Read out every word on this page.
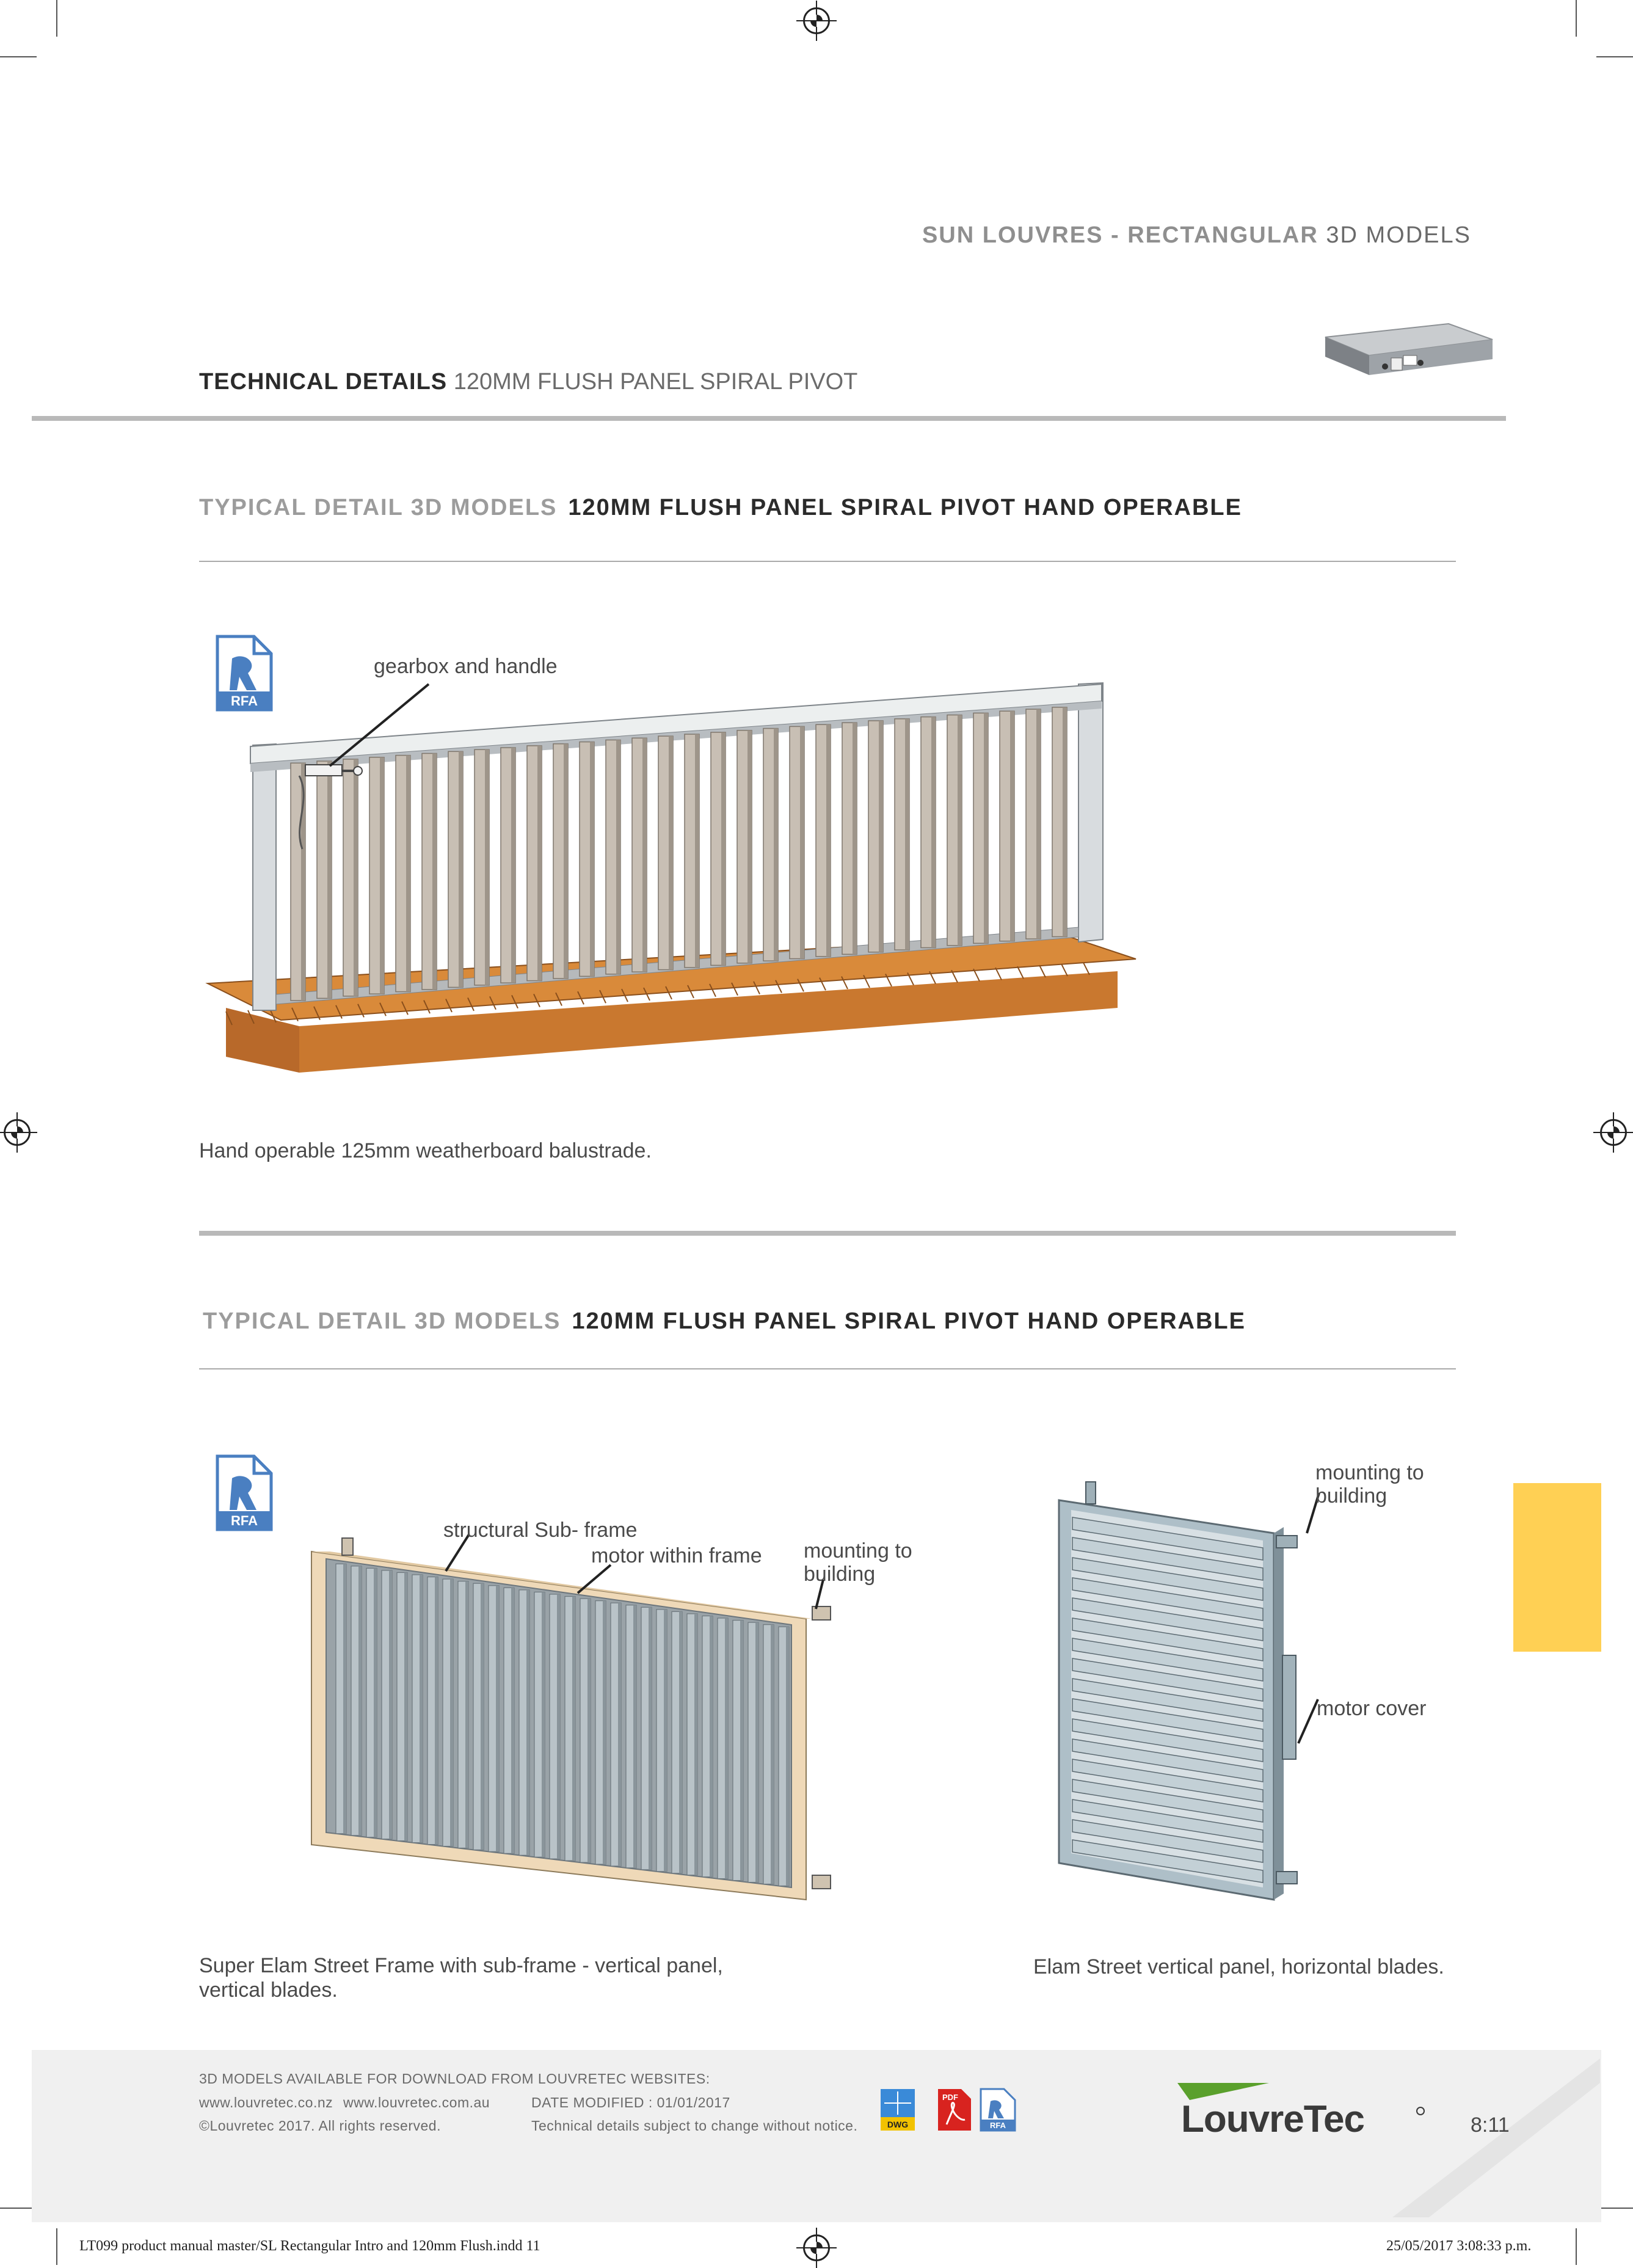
SUN LOUVRES - RECTANGULAR 3D MODELS
TECHNICAL DETAILS 120MM FLUSH PANEL SPIRAL PIVOT
TYPICAL DETAIL 3D MODELS 120MM FLUSH PANEL SPIRAL PIVOT HAND OPERABLE
RFA
gearbox and handle
Hand operable 125mm weatherboard balustrade.
TYPICAL DETAIL 3D MODELS 120MM FLUSH PANEL SPIRAL PIVOT HAND OPERABLE
RFA	structural Sub- frame
motor within frame mounting to
building
Super Elam Street Frame with sub-frame - vertical panel,
vertical blades.
mounting to
building
motor cover
Elam Street vertical panel, horizontal blades.
3D MODELS AVAILABLE FOR DOWNLOAD FROM LOUVRETEC WEBSITES:
www.louvretec.co.nz www.louvretec.com.au	DATE MODIFIED : 01/01/2017
©Louvretec 2017. All rights reserved.	Technical details subject to change without notice.	DWG
PDF
RFA	LouvreTec	8:11
LT099 product manual master/SL Rectangular Intro and 120mm Flush.indd 11	25/05/2017 3:08:33 p.m.
